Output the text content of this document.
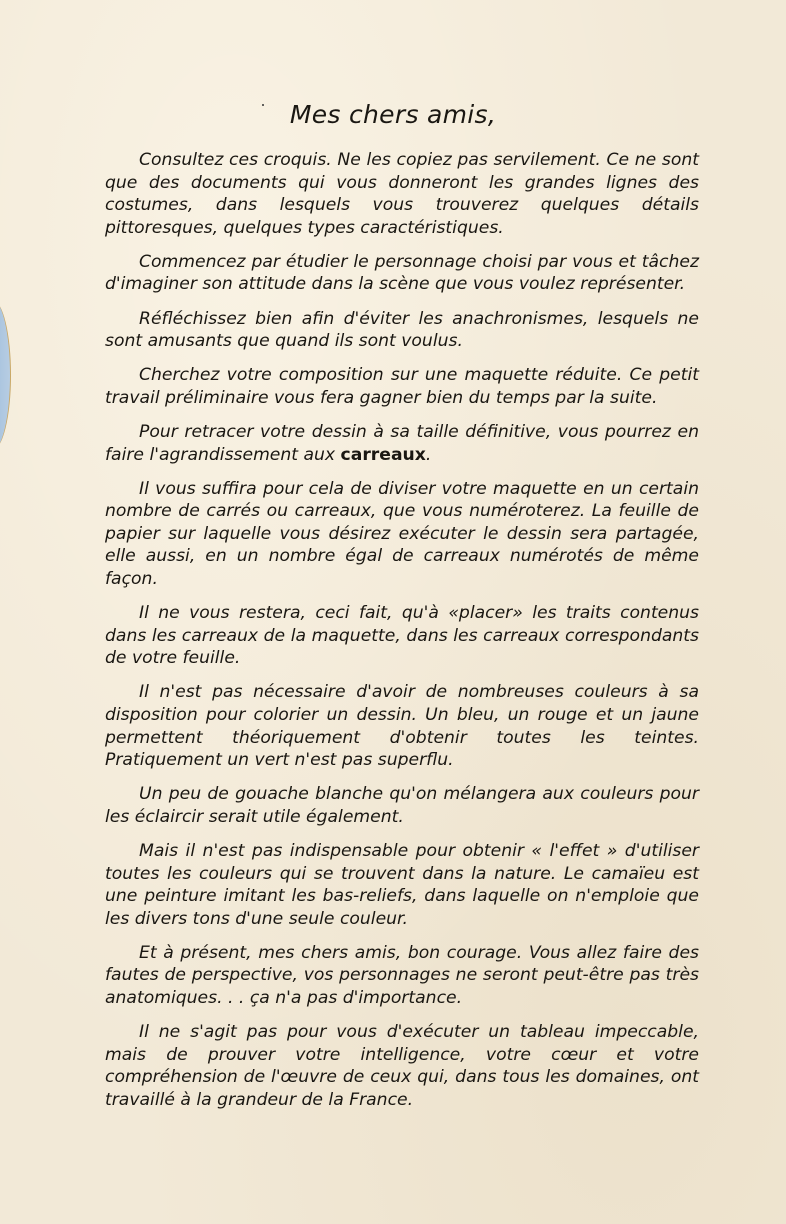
Mes chers amis,

Consultez ces croquis. Ne les copiez pas servilement. Ce ne sont que des documents qui vous donneront les grandes lignes des costumes, dans lesquels vous trouverez quelques détails pittoresques, quelques types caractéristiques.

Commencez par étudier le personnage choisi par vous et tâchez d'imaginer son attitude dans la scène que vous voulez représenter.

Réfléchissez bien afin d'éviter les anachronismes, lesquels ne sont amusants que quand ils sont voulus.

Cherchez votre composition sur une maquette réduite. Ce petit travail préliminaire vous fera gagner bien du temps par la suite.

Pour retracer votre dessin à sa taille définitive, vous pourrez en faire l'agrandissement aux carreaux.

Il vous suffira pour cela de diviser votre maquette en un certain nombre de carrés ou carreaux, que vous numéroterez. La feuille de papier sur laquelle vous désirez exécuter le dessin sera partagée, elle aussi, en un nombre égal de carreaux numérotés de même façon.

Il ne vous restera, ceci fait, qu'à «placer» les traits contenus dans les carreaux de la maquette, dans les carreaux correspondants de votre feuille.

Il n'est pas nécessaire d'avoir de nombreuses couleurs à sa disposition pour colorier un dessin. Un bleu, un rouge et un jaune permettent théoriquement d'obtenir toutes les teintes. Pratiquement un vert n'est pas superflu.

Un peu de gouache blanche qu'on mélangera aux couleurs pour les éclaircir serait utile également.

Mais il n'est pas indispensable pour obtenir « l'effet » d'utiliser toutes les couleurs qui se trouvent dans la nature. Le camaïeu est une peinture imitant les bas-reliefs, dans laquelle on n'emploie que les divers tons d'une seule couleur.

Et à présent, mes chers amis, bon courage. Vous allez faire des fautes de perspective, vos personnages ne seront peut-être pas très anatomiques. . . ça n'a pas d'importance.

Il ne s'agit pas pour vous d'exécuter un tableau impeccable, mais de prouver votre intelligence, votre cœur et votre compréhension de l'œuvre de ceux qui, dans tous les domaines, ont travaillé à la grandeur de la France.
